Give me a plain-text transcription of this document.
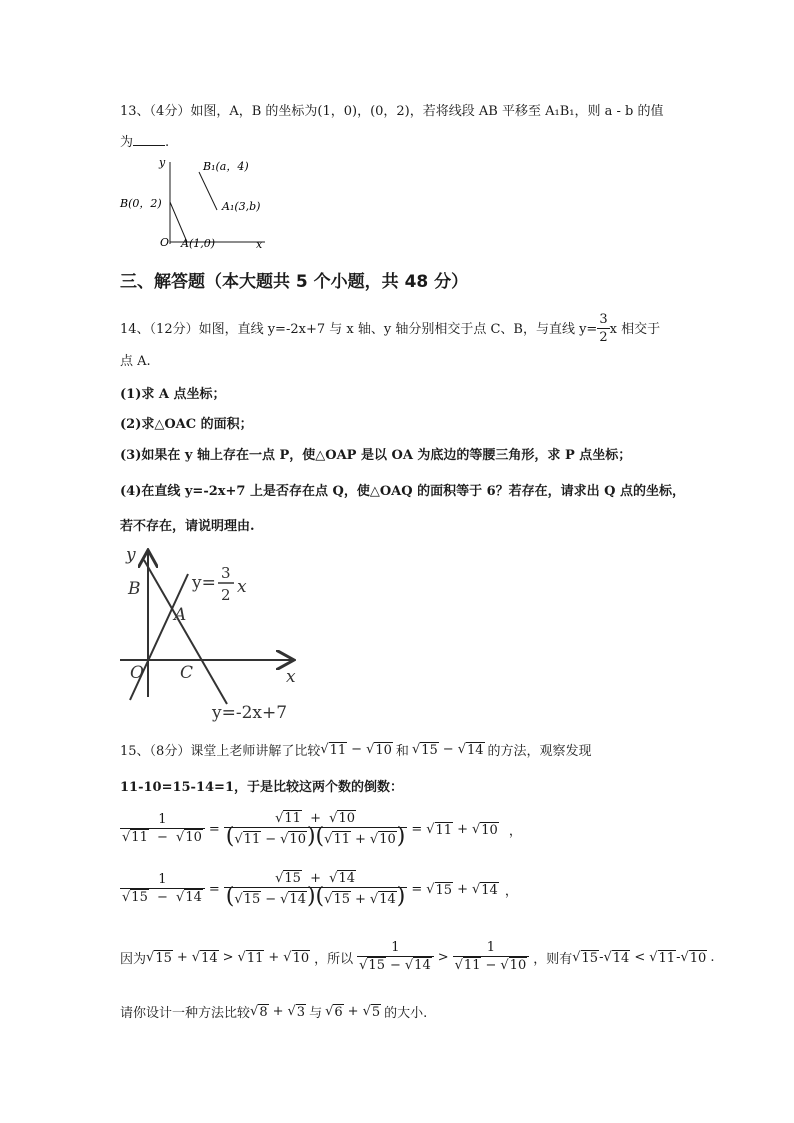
13、（4分）如图，A，B 的坐标为(1，0)，(0，2)，若将线段 AB 平移至 A₁B₁，则 a - b 的值
为 .
y
x
O
B(0，2)
A(1,0)
B₁(a，4)
A₁(3,b)
三、解答题（本大题共 5 个小题，共 48 分）
14、（12分）如图，直线 y=-2x+7 与 x 轴、y 轴分别相交于点 C、B，与直线 $y= \frac{3}{2}$ x 相交于
点 A.
(1)求 A 点坐标；
(2)求△OAC 的面积；
(3)如果在 y 轴上存在一点 P，使△OAP 是以 OA 为底边的等腰三角形，求 P 点坐标；
(4)在直线 y=-2x+7 上是否存在点 Q，使△OAQ 的面积等于 6？若存在，请求出 Q 点的坐标，
若不存在，请说明理由.
y
x
B
A
O C
y= 3
2 x
y=-2x+7
15、（8分）课堂上老师讲解了比较 √ 11 − √ 10 和 √ 15 − √ 14 的方法，观察发现
11-10=15-14=1，于是比较这两个数的倒数：
1
√ 11 − √ 10 = √ $\frac{11 + √ 10}{( √ 11 - √ 10)( √ 11 + √ 10)}$ = √ 11 + √ 10 ，
1
√ 15 − √ 14 = √ $\frac{15 + √ 14}{( √ 15 - √ 14)( √ 15 + √ 14)}$ = √ 15 + √ 14 ，
因为 √ 15 + √ 14 > √ 11 + √ 10 ，所以 1
√ 15 − √ 14 > 1
√ 11 − √ 10 ，则有 √ 15 - √ 14 < √ 11 - √ 10 .
请你设计一种方法比较 √ 8 + √ 3 与 √ 6 + √ 5 的大小.
